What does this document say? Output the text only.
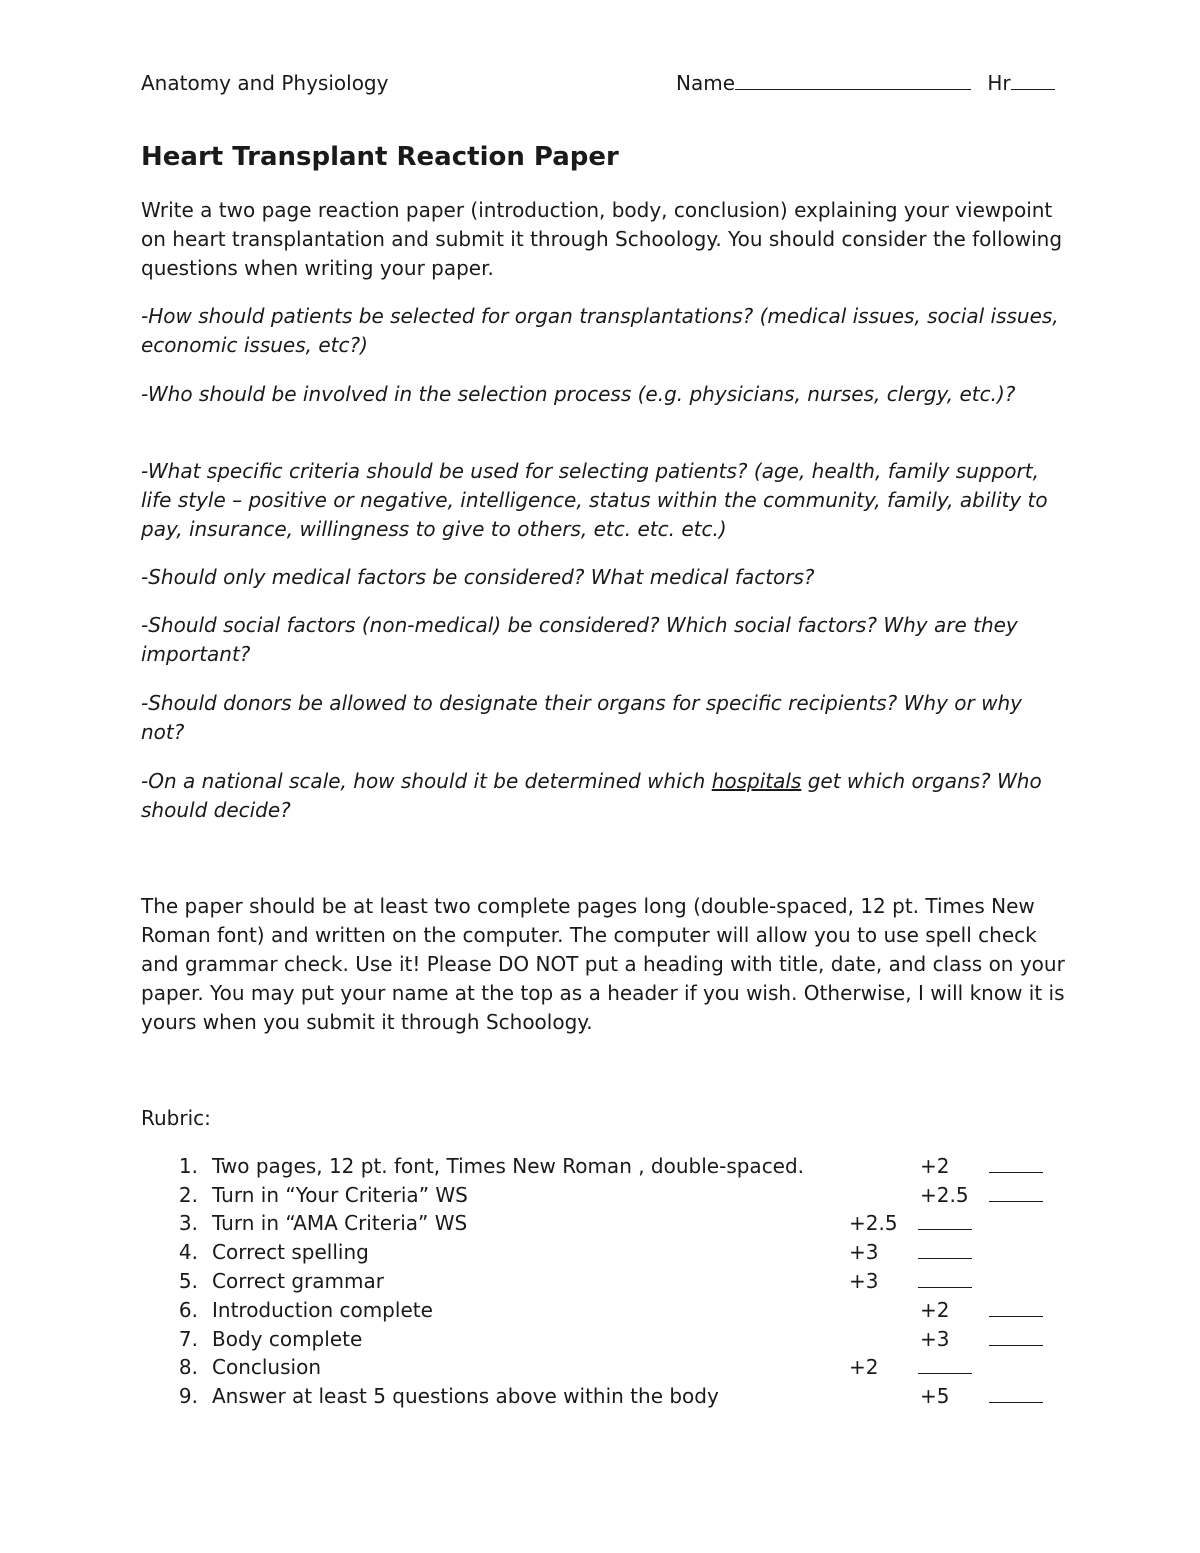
Anatomy and Physiology	Name	Hr
Heart Transplant Reaction Paper

Write a two page reaction paper (introduction, body, conclusion) explaining your viewpoint on heart transplantation and submit it through Schoology. You should consider the following questions when writing your paper.

-How should patients be selected for organ transplantations? (medical issues, social issues, economic issues, etc?)

-Who should be involved in the selection process (e.g. physicians, nurses, clergy, etc.)?

-What specific criteria should be used for selecting patients? (age, health, family support, life style – positive or negative, intelligence, status within the community, family, ability to pay, insurance, willingness to give to others, etc. etc. etc.)

-Should only medical factors be considered? What medical factors?

-Should social factors (non-medical) be considered? Which social factors? Why are they important?

-Should donors be allowed to designate their organs for specific recipients? Why or why not?

-On a national scale, how should it be determined which hospitals get which organs? Who should decide?

The paper should be at least two complete pages long (double-spaced, 12 pt. Times New Roman font) and written on the computer. The computer will allow you to use spell check and grammar check. Use it! Please DO NOT put a heading with title, date, and class on your paper. You may put your name at the top as a header if you wish. Otherwise, I will know it is yours when you submit it through Schoology.

Rubric:
1. Two pages, 12 pt. font, Times New Roman , double-spaced.	+2
2. Turn in “Your Criteria” WS	+2.5
3. Turn in “AMA Criteria” WS	+2.5
4. Correct spelling	+3
5. Correct grammar	+3
6. Introduction complete	+2
7. Body complete	+3
8. Conclusion	+2
9. Answer at least 5 questions above within the body	+5
